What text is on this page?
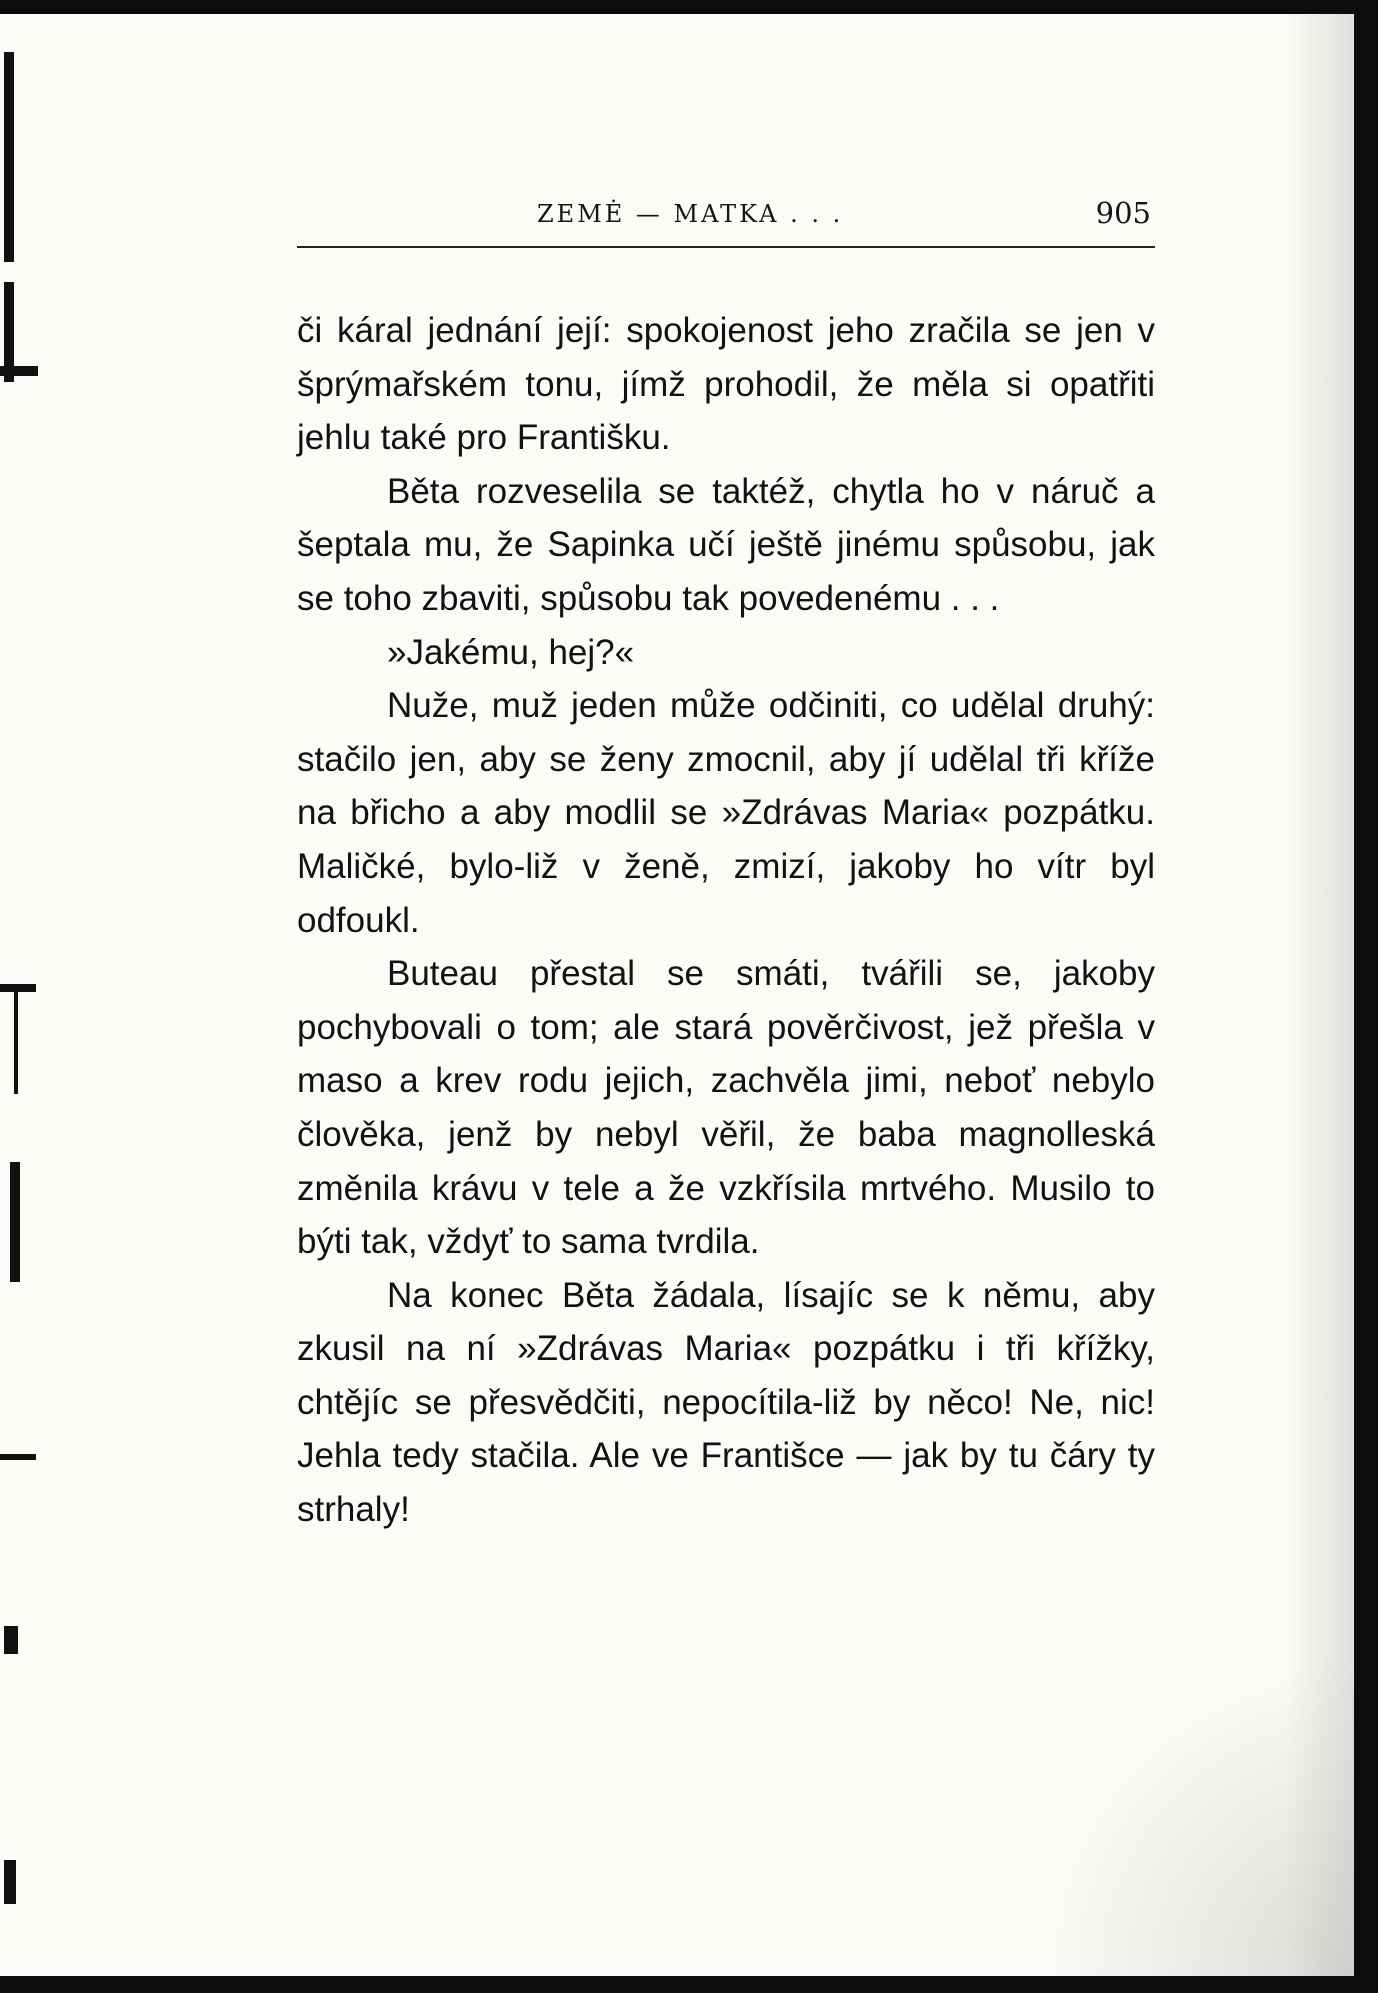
ZEMĖ — MATKA . . .	905

či káral jednání její: spokojenost jeho zračila se jen v šprýmařském tonu, jímž prohodil, že měla si opatřiti jehlu také pro Františku.

Běta rozveselila se taktéž, chytla ho v náruč a šeptala mu, že Sapinka učí ještě jinému spůsobu, jak se toho zbaviti, spůsobu tak povedenému . . .

»Jakému, hej?«

Nuže, muž jeden může odčiniti, co udělal druhý: stačilo jen, aby se ženy zmocnil, aby jí udělal tři kříže na břicho a aby modlil se »Zdrávas Maria« pozpátku. Maličké, bylo-liž v ženě, zmizí, jakoby ho vítr byl odfoukl.

Buteau přestal se smáti, tvářili se, jakoby pochybovali o tom; ale stará pověrčivost, jež přešla v maso a krev rodu jejich, zachvěla jimi, neboť nebylo člověka, jenž by nebyl věřil, že baba magnolleská změnila krávu v tele a že vzkřísila mrtvého. Musilo to býti tak, vždyť to sama tvrdila.

Na konec Běta žádala, lísajíc se k němu, aby zkusil na ní »Zdrávas Maria« pozpátku i tři křížky, chtějíc se přesvědčiti, nepocítila-liž by něco! Ne, nic! Jehla tedy stačila. Ale ve Františce — jak by tu čáry ty strhaly!
